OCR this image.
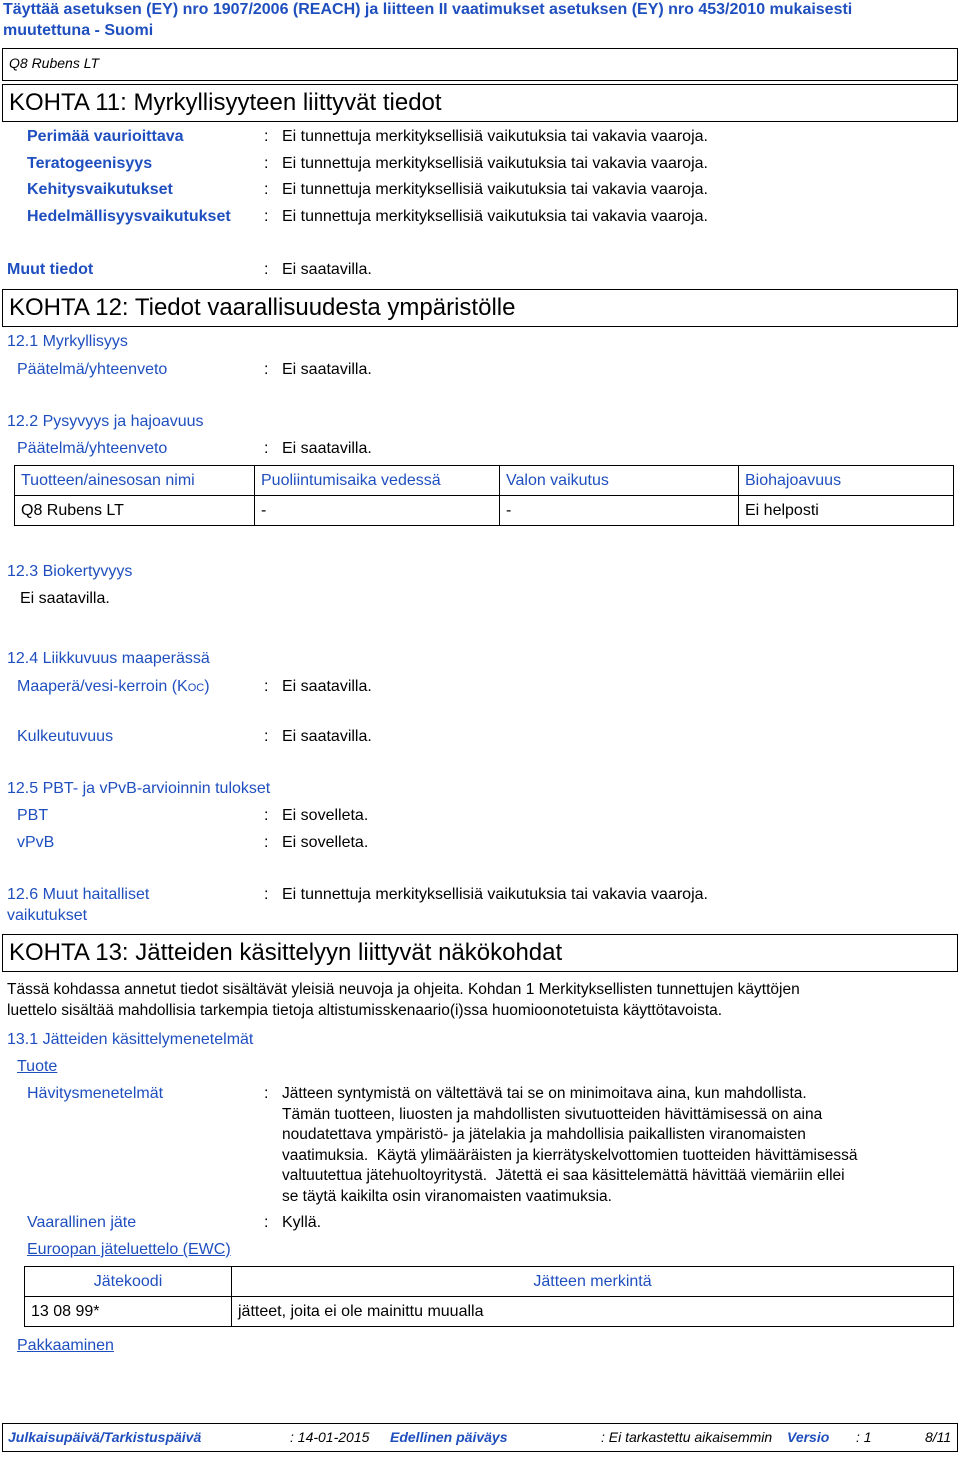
Täyttää asetuksen (EY) nro 1907/2006 (REACH) ja liitteen II vaatimukset asetuksen (EY) nro 453/2010 mukaisesti
muutettuna - Suomi
Q8 Rubens LT
KOHTA 11: Myrkyllisyyteen liittyvät tiedot
Perimää vaurioittava	: Ei tunnettuja merkityksellisiä vaikutuksia tai vakavia vaaroja.
Teratogeenisyys	: Ei tunnettuja merkityksellisiä vaikutuksia tai vakavia vaaroja.
Kehitysvaikutukset	: Ei tunnettuja merkityksellisiä vaikutuksia tai vakavia vaaroja.
Hedelmällisyysvaikutukset : Ei tunnettuja merkityksellisiä vaikutuksia tai vakavia vaaroja.
Muut tiedot	: Ei saatavilla.
KOHTA 12: Tiedot vaarallisuudesta ympäristölle
12.1 Myrkyllisyys
Päätelmä/yhteenveto	: Ei saatavilla.
12.2 Pysyvyys ja hajoavuus
Päätelmä/yhteenveto	: Ei saatavilla.
Tuotteen/ainesosan nimi	Puoliintumisaika vedessä	Valon vaikutus	Biohajoavuus
Q8 Rubens LT	-	-	Ei helposti
12.3 Biokertyvyys
Ei saatavilla.
12.4 Liikkuvuus maaperässä
Maaperä/vesi-kerroin (KOC)	: Ei saatavilla.
Kulkeutuvuus	: Ei saatavilla.
12.5 PBT- ja vPvB-arvioinnin tulokset
PBT	: Ei sovelleta.
vPvB	: Ei sovelleta.
12.6 Muut haitalliset
vaikutukset
: Ei tunnettuja merkityksellisiä vaikutuksia tai vakavia vaaroja.
KOHTA 13: Jätteiden käsittelyyn liittyvät näkökohdat
Tässä kohdassa annetut tiedot sisältävät yleisiä neuvoja ja ohjeita. Kohdan 1 Merkityksellisten tunnettujen käyttöjen
luettelo sisältää mahdollisia tarkempia tietoja altistumisskenaario(i)ssa huomioonotetuista käyttötavoista.
13.1 Jätteiden käsittelymenetelmät
Tuote
Hävitysmenetelmät	: Jätteen syntymistä on vältettävä tai se on minimoitava aina, kun mahdollista.
Tämän tuotteen, liuosten ja mahdollisten sivutuotteiden hävittämisessä on aina
noudatettava ympäristö- ja jätelakia ja mahdollisia paikallisten viranomaisten
vaatimuksia.  Käytä ylimääräisten ja kierrätyskelvottomien tuotteiden hävittämisessä
valtuutettua jätehuoltoyritystä.  Jätettä ei saa käsittelemättä hävittää viemäriin ellei
se täytä kaikilta osin viranomaisten vaatimuksia.
Vaarallinen jäte	: Kyllä.
Euroopan jäteluettelo (EWC)
Jätekoodi	Jätteen merkintä
13 08 99*	jätteet, joita ei ole mainittu muualla
Pakkaaminen
Julkaisupäivä/Tarkistuspäivä	: 14-01-2015 Edellinen päiväys	: Ei tarkastettu aikaisemmin Versio : 1	8/11
